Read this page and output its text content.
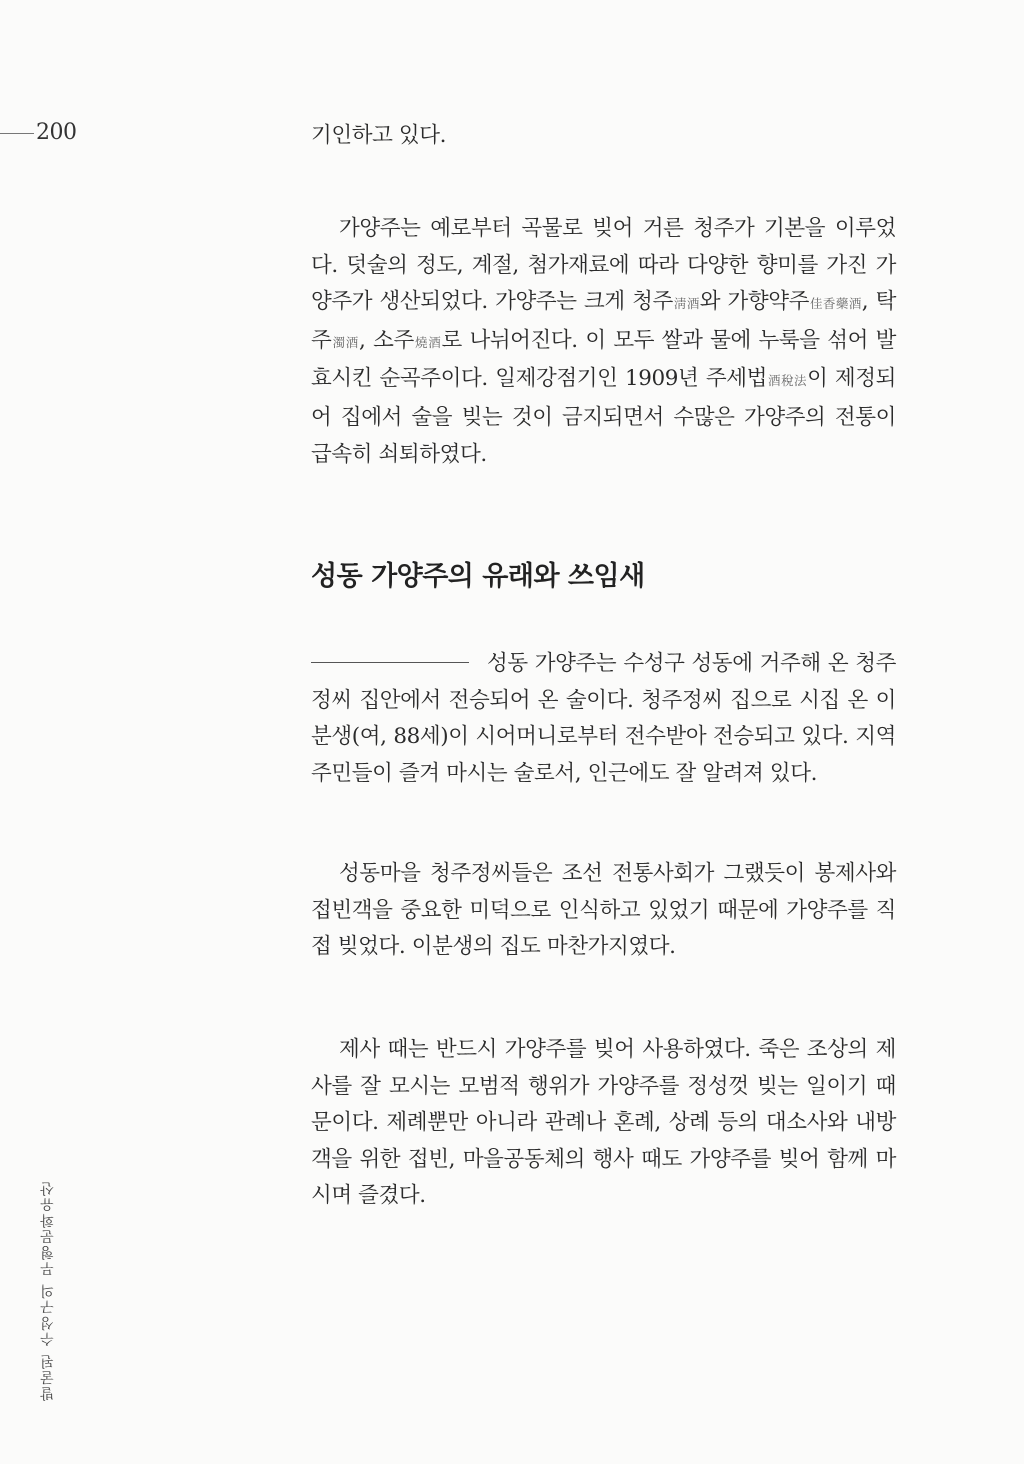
200
발굴된 수성구의 무형문화유산

기인하고 있다.

가양주는 예로부터 곡물로 빚어 거른 청주가 기본을 이루었다. 덧술의 정도, 계절, 첨가재료에 따라 다양한 향미를 가진 가양주가 생산되었다. 가양주는 크게 청주淸酒와 가향약주佳香藥酒, 탁주濁酒, 소주燒酒로 나뉘어진다. 이 모두 쌀과 물에 누룩을 섞어 발효시킨 순곡주이다. 일제강점기인 1909년 주세법酒稅法이 제정되어 집에서 술을 빚는 것이 금지되면서 수많은 가양주의 전통이 급속히 쇠퇴하였다.

성동 가양주의 유래와 쓰임새

성동 가양주는 수성구 성동에 거주해 온 청주정씨 집안에서 전승되어 온 술이다. 청주정씨 집으로 시집 온 이분생(여, 88세)이 시어머니로부터 전수받아 전승되고 있다. 지역 주민들이 즐겨 마시는 술로서, 인근에도 잘 알려져 있다.

성동마을 청주정씨들은 조선 전통사회가 그랬듯이 봉제사와 접빈객을 중요한 미덕으로 인식하고 있었기 때문에 가양주를 직접 빚었다. 이분생의 집도 마찬가지였다.

제사 때는 반드시 가양주를 빚어 사용하였다. 죽은 조상의 제사를 잘 모시는 모범적 행위가 가양주를 정성껏 빚는 일이기 때문이다. 제례뿐만 아니라 관례나 혼례, 상례 등의 대소사와 내방객을 위한 접빈, 마을공동체의 행사 때도 가양주를 빚어 함께 마시며 즐겼다.
